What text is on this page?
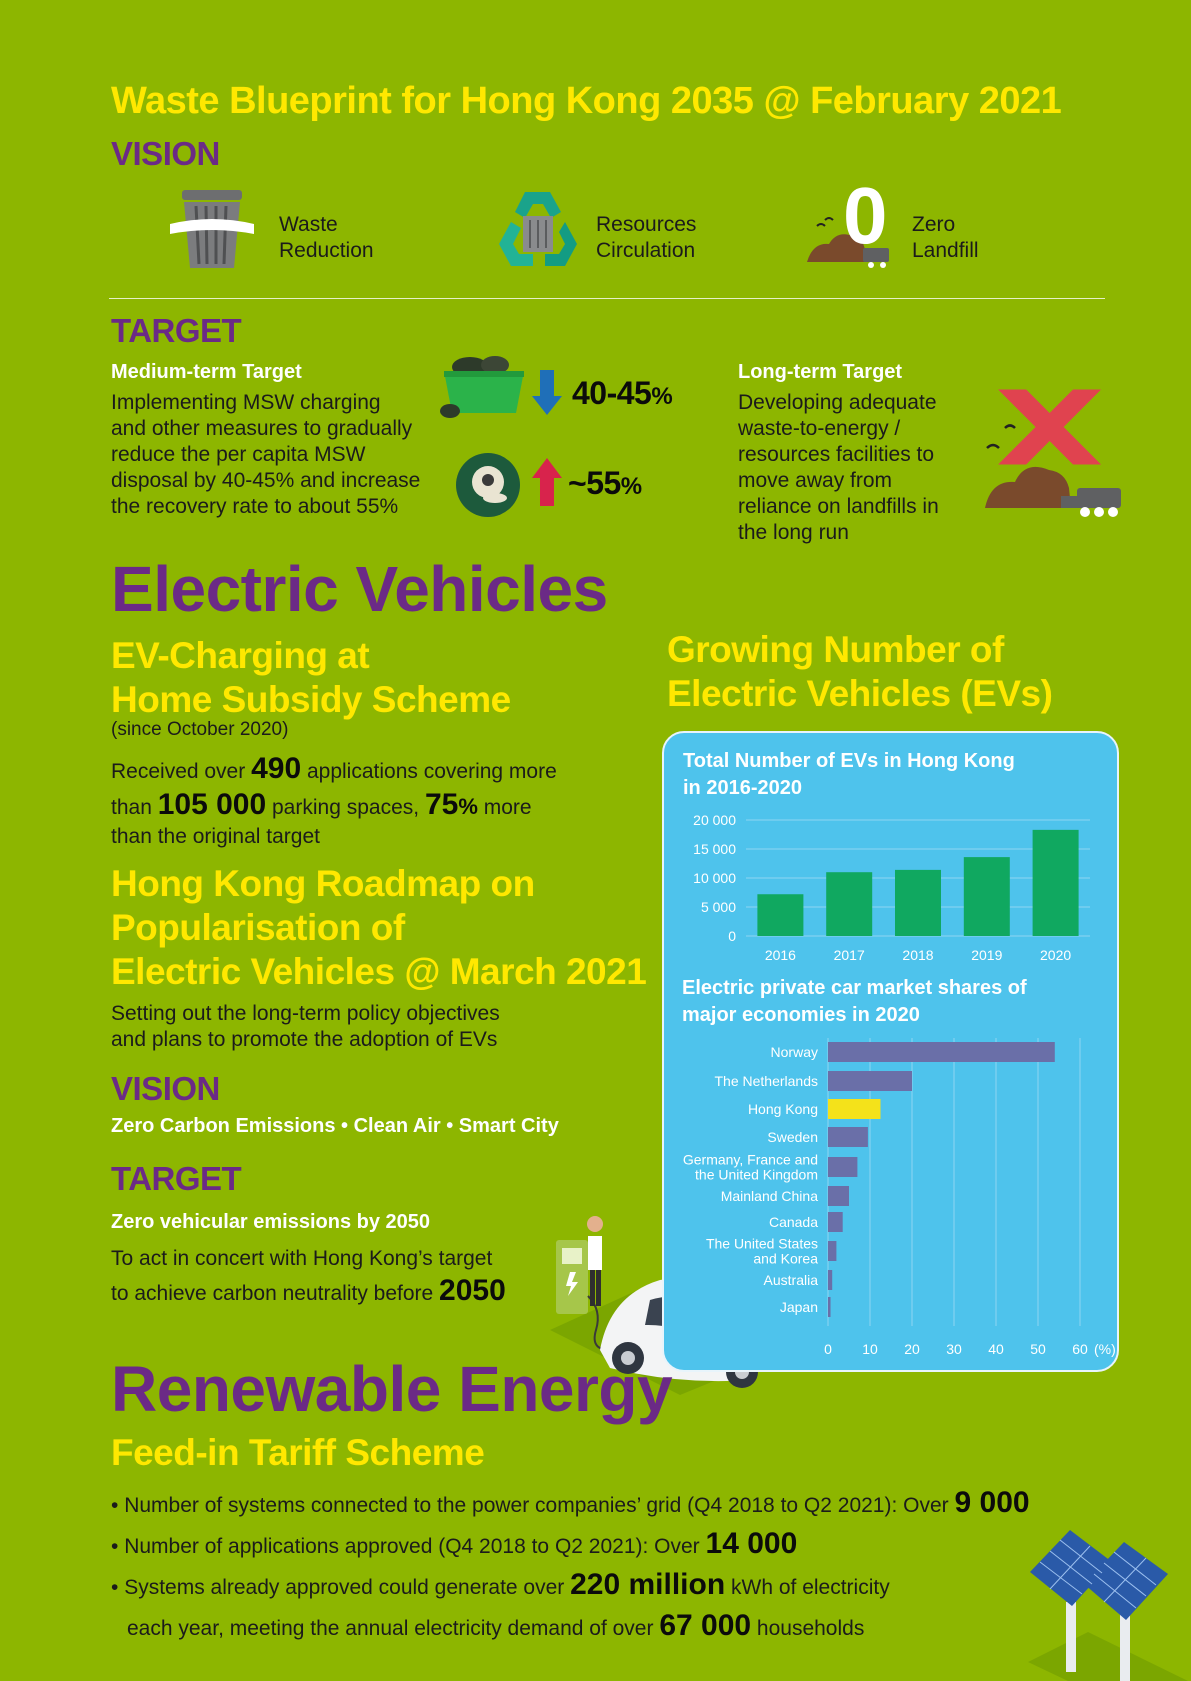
Waste Blueprint for Hong Kong 2035 @ February 2021
VISION
Waste
Reduction
Resources
Circulation 0 Zero
Landfill
TARGET
Medium-term Target
Implementing MSW charging
and other measures to gradually
reduce the per capita MSW
disposal by 40-45% and increase
the recovery rate to about 55%
40-45%
~55%
Long-term Target
Developing adequate
waste-to-energy /
resources facilities to
move away from
reliance on landfills in
the long run
Electric Vehicles
EV-Charging at
Home Subsidy Scheme
(since October 2020)
Received over 490 applications covering more
than 105 000 parking spaces, 75% more
than the original target
Hong Kong Roadmap on
Popularisation of
Electric Vehicles @ March 2021
Setting out the long-term policy objectives
and plans to promote the adoption of EVs
VISION
Zero Carbon Emissions • Clean Air • Smart City
TARGET
Zero vehicular emissions by 2050
To act in concert with Hong Kong’s target
to achieve carbon neutrality before 2050
Growing Number of
Electric Vehicles (EVs)
Total Number of EVs in Hong Kong
in 2016-2020
0
5 000
10 000
15 000
20 000
2016	2017	2018	2019	2020
Electric private car market shares of
major economies in 2020
0 10 20 30 40 50 60 (%)
Norway
The Netherlands
Hong Kong
Sweden
Germany, France and the United Kingdom
Mainland China
Canada
The United States and Korea
Australia
Japan
Renewable Energy
Feed-in Tariff Scheme
• Number of systems connected to the power companies’ grid (Q4 2018 to Q2 2021): Over 9 000
• Number of applications approved (Q4 2018 to Q2 2021): Over 14 000
• Systems already approved could generate over 220 million kWh of electricity
each year, meeting the annual electricity demand of over 67 000 households
